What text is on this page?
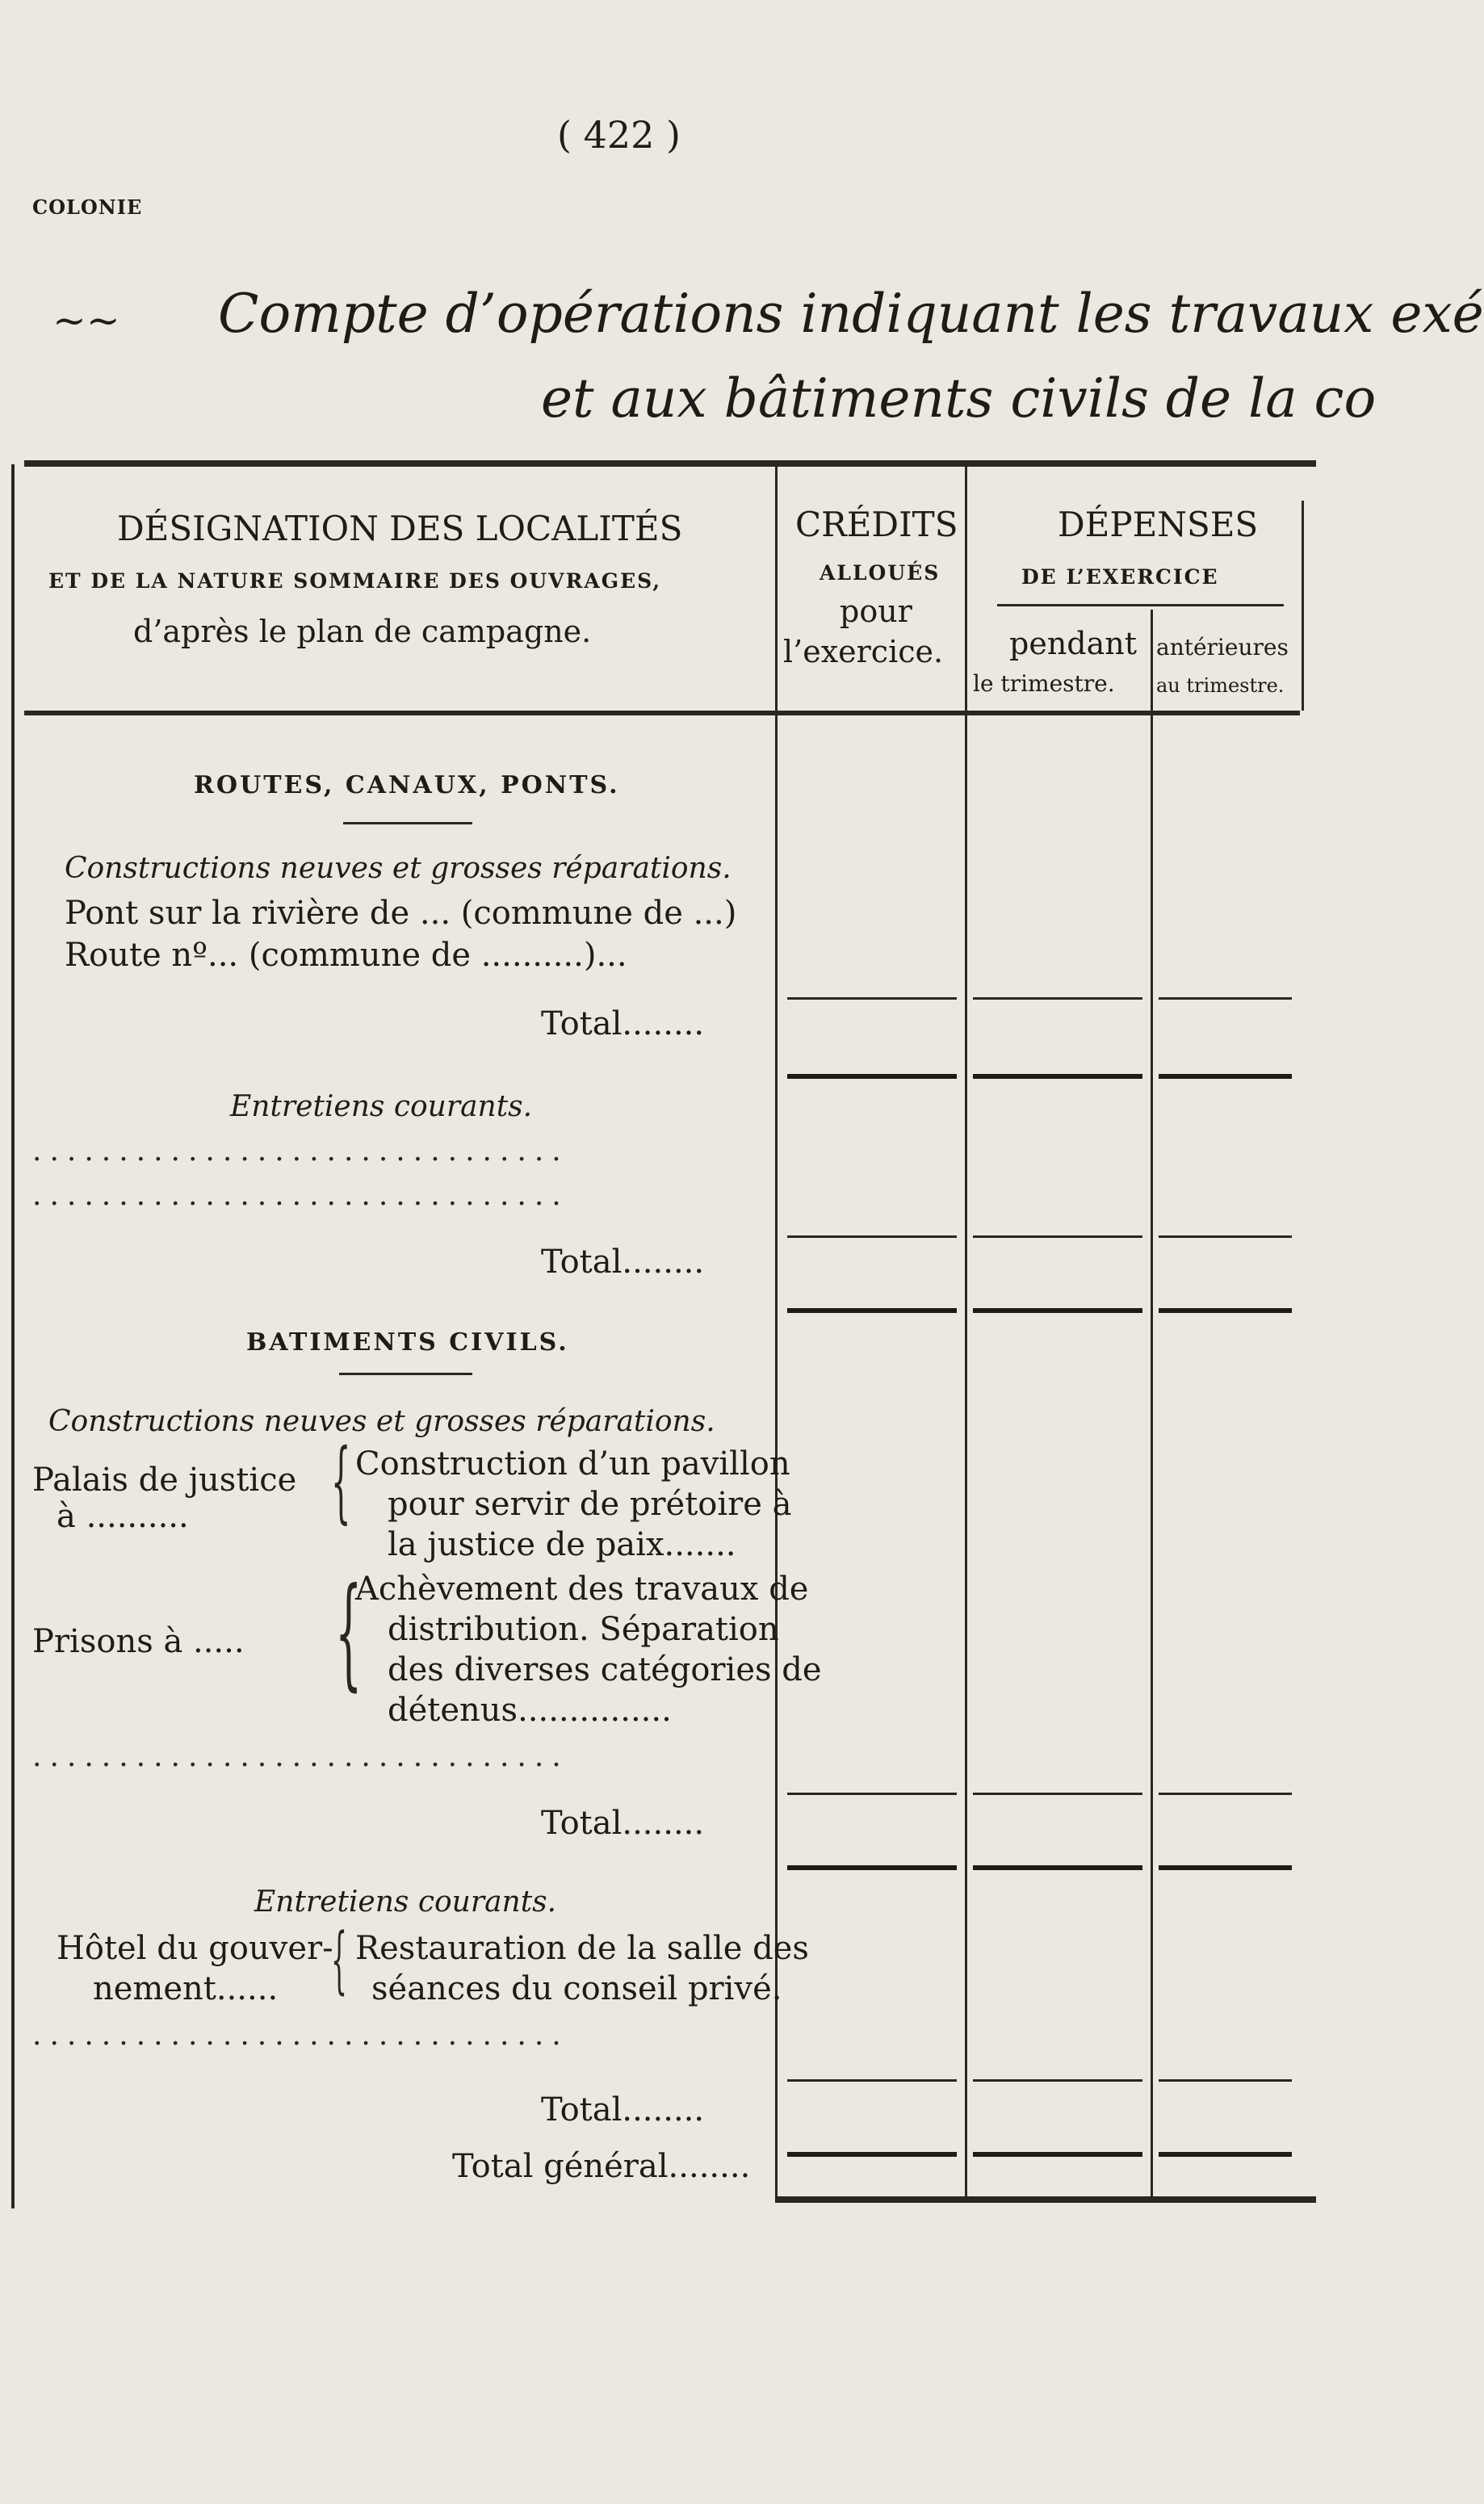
( 422 )
COLONIE
~~ Compte d’opérations indiquant les travaux exé
et aux bâtiments civils de la co
DÉSIGNATION DES LOCALITÉS
ET DE LA NATURE SOMMAIRE DES OUVRAGES,
d’après le plan de campagne.
CRÉDITS
ALLOUÉS
pour
l’exercice.
DÉPENSES
DE L’EXERCICE
pendant
le trimestre.
antérieures
au trimestre.
ROUTES, CANAUX, PONTS.
Constructions neuves et grosses réparations.
Pont sur la rivière de ... (commune de ...)
Route nº... (commune de ..........)...
Total........
Entretiens courants.
...............................
...............................
Total........
BATIMENTS CIVILS.
Constructions neuves et grosses réparations.
Palais de justice
à .......... { Construction d’un pavillon
pour servir de prétoire à
la justice de paix.......
Prisons à ..... {
Achèvement des travaux de
distribution. Séparation
des diverses catégories de
détenus...............
...............................
Total........
Entretiens courants.
Hôtel du gouver-
nement...... { Restauration de la salle des
séances du conseil privé.
...............................
Total........
Total général........
